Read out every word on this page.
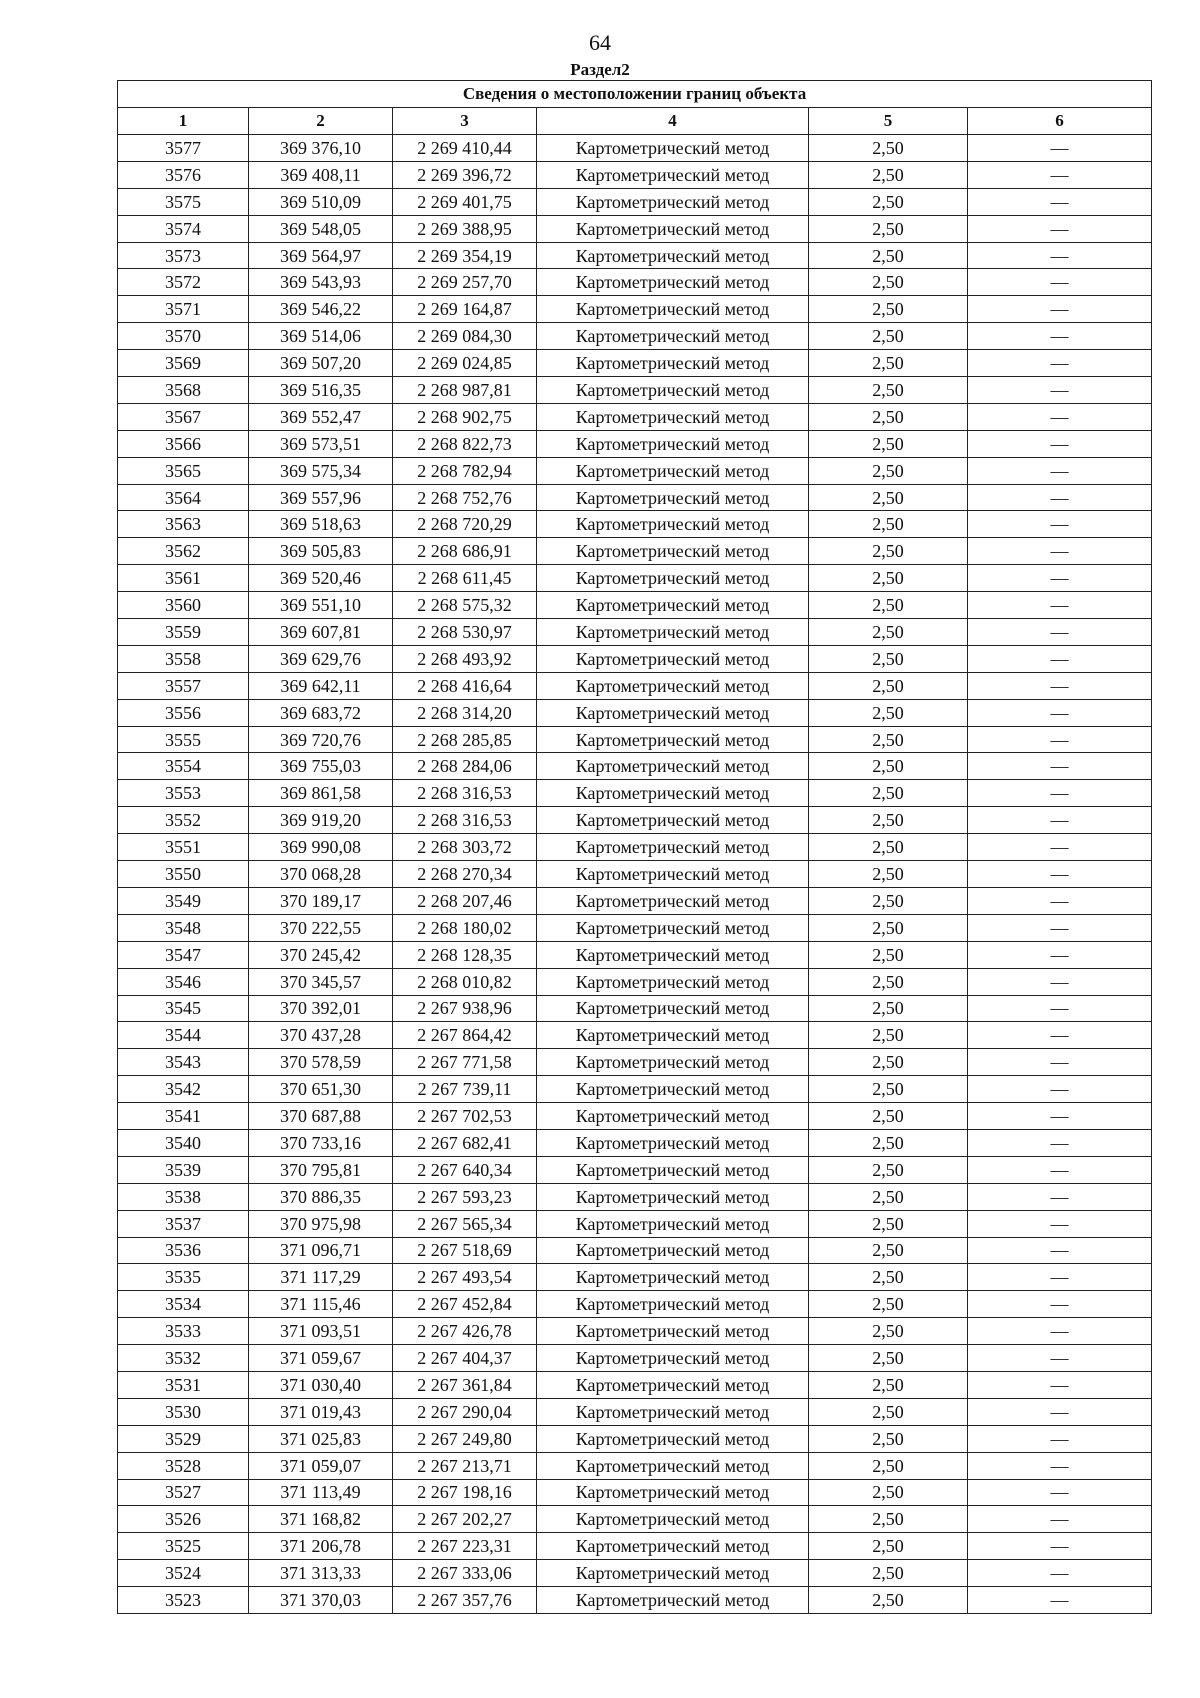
64
Раздел2
Сведения о местоположении границ объекта					
1	2	3	4	5	6
3577	369 376,10	2 269 410,44	Картометрический метод	2,50	—
3576	369 408,11	2 269 396,72	Картометрический метод	2,50	—
3575	369 510,09	2 269 401,75	Картометрический метод	2,50	—
3574	369 548,05	2 269 388,95	Картометрический метод	2,50	—
3573	369 564,97	2 269 354,19	Картометрический метод	2,50	—
3572	369 543,93	2 269 257,70	Картометрический метод	2,50	—
3571	369 546,22	2 269 164,87	Картометрический метод	2,50	—
3570	369 514,06	2 269 084,30	Картометрический метод	2,50	—
3569	369 507,20	2 269 024,85	Картометрический метод	2,50	—
3568	369 516,35	2 268 987,81	Картометрический метод	2,50	—
3567	369 552,47	2 268 902,75	Картометрический метод	2,50	—
3566	369 573,51	2 268 822,73	Картометрический метод	2,50	—
3565	369 575,34	2 268 782,94	Картометрический метод	2,50	—
3564	369 557,96	2 268 752,76	Картометрический метод	2,50	—
3563	369 518,63	2 268 720,29	Картометрический метод	2,50	—
3562	369 505,83	2 268 686,91	Картометрический метод	2,50	—
3561	369 520,46	2 268 611,45	Картометрический метод	2,50	—
3560	369 551,10	2 268 575,32	Картометрический метод	2,50	—
3559	369 607,81	2 268 530,97	Картометрический метод	2,50	—
3558	369 629,76	2 268 493,92	Картометрический метод	2,50	—
3557	369 642,11	2 268 416,64	Картометрический метод	2,50	—
3556	369 683,72	2 268 314,20	Картометрический метод	2,50	—
3555	369 720,76	2 268 285,85	Картометрический метод	2,50	—
3554	369 755,03	2 268 284,06	Картометрический метод	2,50	—
3553	369 861,58	2 268 316,53	Картометрический метод	2,50	—
3552	369 919,20	2 268 316,53	Картометрический метод	2,50	—
3551	369 990,08	2 268 303,72	Картометрический метод	2,50	—
3550	370 068,28	2 268 270,34	Картометрический метод	2,50	—
3549	370 189,17	2 268 207,46	Картометрический метод	2,50	—
3548	370 222,55	2 268 180,02	Картометрический метод	2,50	—
3547	370 245,42	2 268 128,35	Картометрический метод	2,50	—
3546	370 345,57	2 268 010,82	Картометрический метод	2,50	—
3545	370 392,01	2 267 938,96	Картометрический метод	2,50	—
3544	370 437,28	2 267 864,42	Картометрический метод	2,50	—
3543	370 578,59	2 267 771,58	Картометрический метод	2,50	—
3542	370 651,30	2 267 739,11	Картометрический метод	2,50	—
3541	370 687,88	2 267 702,53	Картометрический метод	2,50	—
3540	370 733,16	2 267 682,41	Картометрический метод	2,50	—
3539	370 795,81	2 267 640,34	Картометрический метод	2,50	—
3538	370 886,35	2 267 593,23	Картометрический метод	2,50	—
3537	370 975,98	2 267 565,34	Картометрический метод	2,50	—
3536	371 096,71	2 267 518,69	Картометрический метод	2,50	—
3535	371 117,29	2 267 493,54	Картометрический метод	2,50	—
3534	371 115,46	2 267 452,84	Картометрический метод	2,50	—
3533	371 093,51	2 267 426,78	Картометрический метод	2,50	—
3532	371 059,67	2 267 404,37	Картометрический метод	2,50	—
3531	371 030,40	2 267 361,84	Картометрический метод	2,50	—
3530	371 019,43	2 267 290,04	Картометрический метод	2,50	—
3529	371 025,83	2 267 249,80	Картометрический метод	2,50	—
3528	371 059,07	2 267 213,71	Картометрический метод	2,50	—
3527	371 113,49	2 267 198,16	Картометрический метод	2,50	—
3526	371 168,82	2 267 202,27	Картометрический метод	2,50	—
3525	371 206,78	2 267 223,31	Картометрический метод	2,50	—
3524	371 313,33	2 267 333,06	Картометрический метод	2,50	—
3523	371 370,03	2 267 357,76	Картометрический метод	2,50	—
